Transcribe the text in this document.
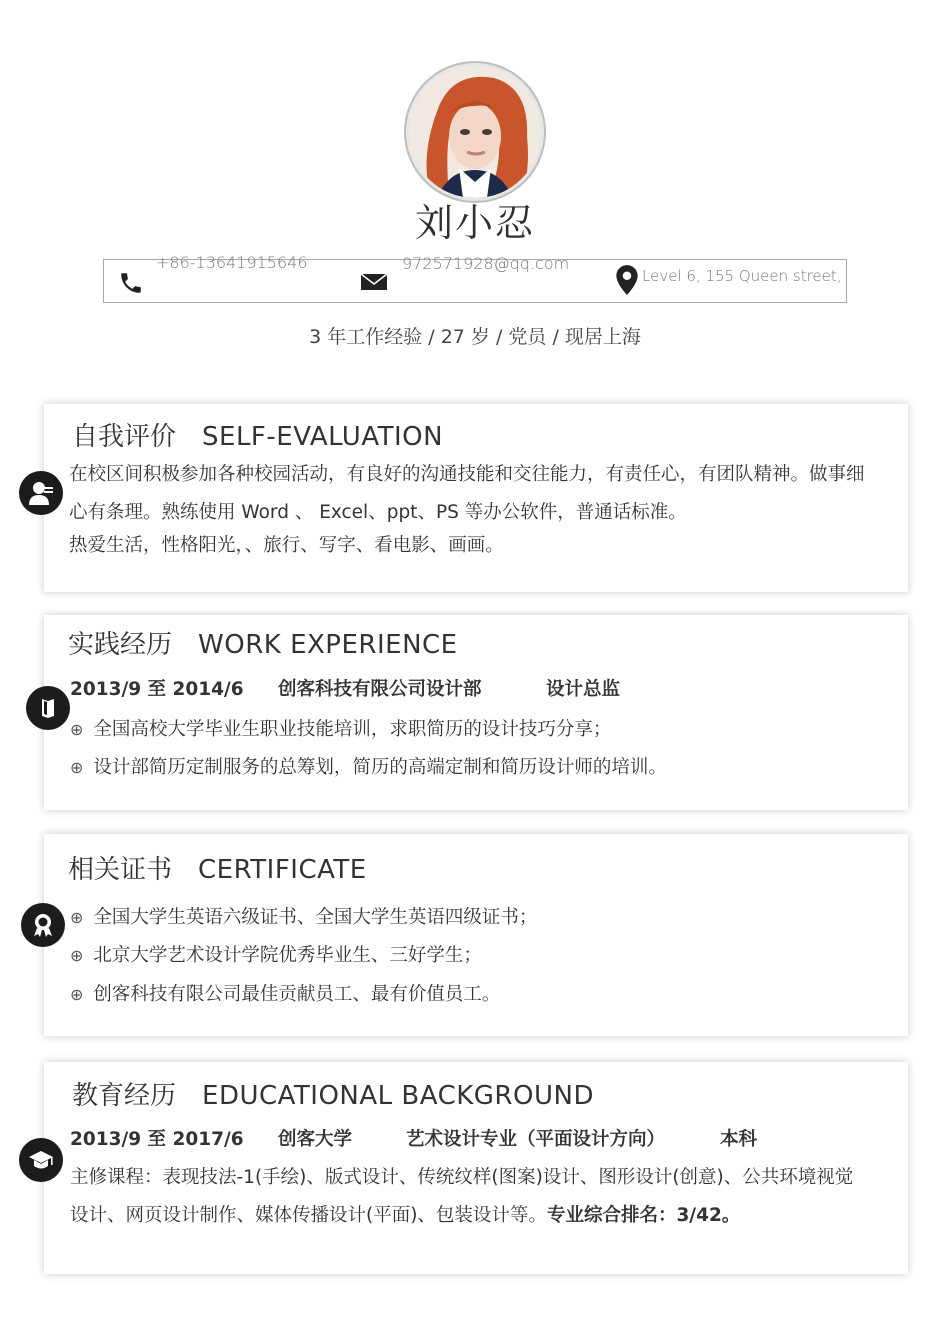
刘小忍
+86-13641915646	972571928@qq.com
Level 6, 155 Queen street,
3 年工作经验 / 27 岁 / 党员 / 现居上海
自我评价 SELF-EVALUATION
在校区间积极参加各种校园活动，有良好的沟通技能和交往能力，有责任心，有团队精神。做事细
心有条理。熟练使用 Word 、 Excel、ppt、PS 等办公软件，普通话标准。
热爱生活，性格阳光，、旅行、写字、看电影、画画。
实践经历 WORK EXPERIENCE
2013/9 至 2014/6 创客科技有限公司设计部	设计总监
⊕ 全国高校大学毕业生职业技能培训，求职简历的设计技巧分享；
⊕ 设计部简历定制服务的总筹划，简历的高端定制和简历设计师的培训。
相关证书 CERTIFICATE
⊕ 全国大学生英语六级证书、全国大学生英语四级证书；
⊕ 北京大学艺术设计学院优秀毕业生、三好学生；
⊕ 创客科技有限公司最佳贡献员工、最有价值员工。
教育经历 EDUCATIONAL BACKGROUND
2013/9 至 2017/6 创客大学	艺术设计专业（平面设计方向）	本科
主修课程：表现技法-1(手绘)、版式设计、传统纹样(图案)设计、图形设计(创意)、公共环境视觉
设计、网页设计制作、媒体传播设计(平面)、包装设计等。专业综合排名：3/42。
